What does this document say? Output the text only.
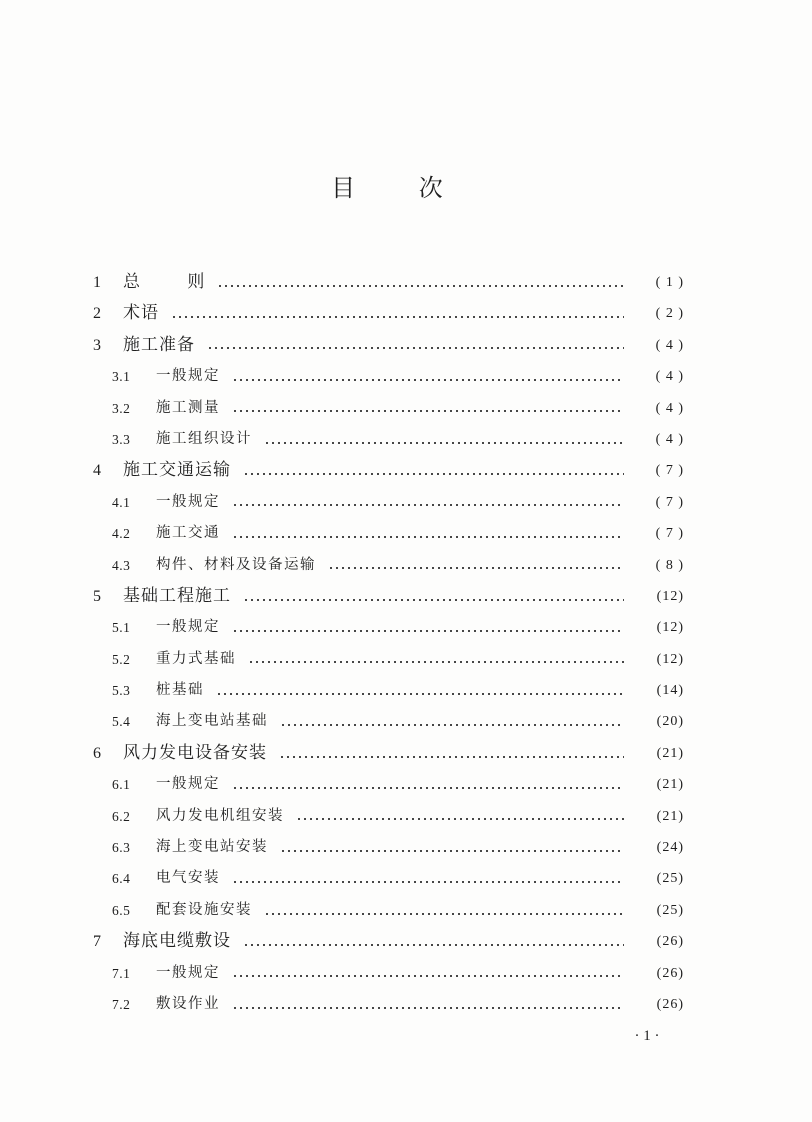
目 次
1	总 则	( 1 )
2	术语	( 2 )
3	施工准备	( 4 )
3.1	一般规定	( 4 )
3.2	施工测量	( 4 )
3.3	施工组织设计	( 4 )
4	施工交通运输	( 7 )
4.1	一般规定	( 7 )
4.2	施工交通	( 7 )
4.3	构件、材料及设备运输	( 8 )
5	基础工程施工	(12)
5.1	一般规定	(12)
5.2	重力式基础	(12)
5.3	桩基础	(14)
5.4	海上变电站基础	(20)
6	风力发电设备安装	(21)
6.1	一般规定	(21)
6.2	风力发电机组安装	(21)
6.3	海上变电站安装	(24)
6.4	电气安装	(25)
6.5	配套设施安装	(25)
7	海底电缆敷设	(26)
7.1	一般规定	(26)
7.2	敷设作业	(26)
· 1 ·
